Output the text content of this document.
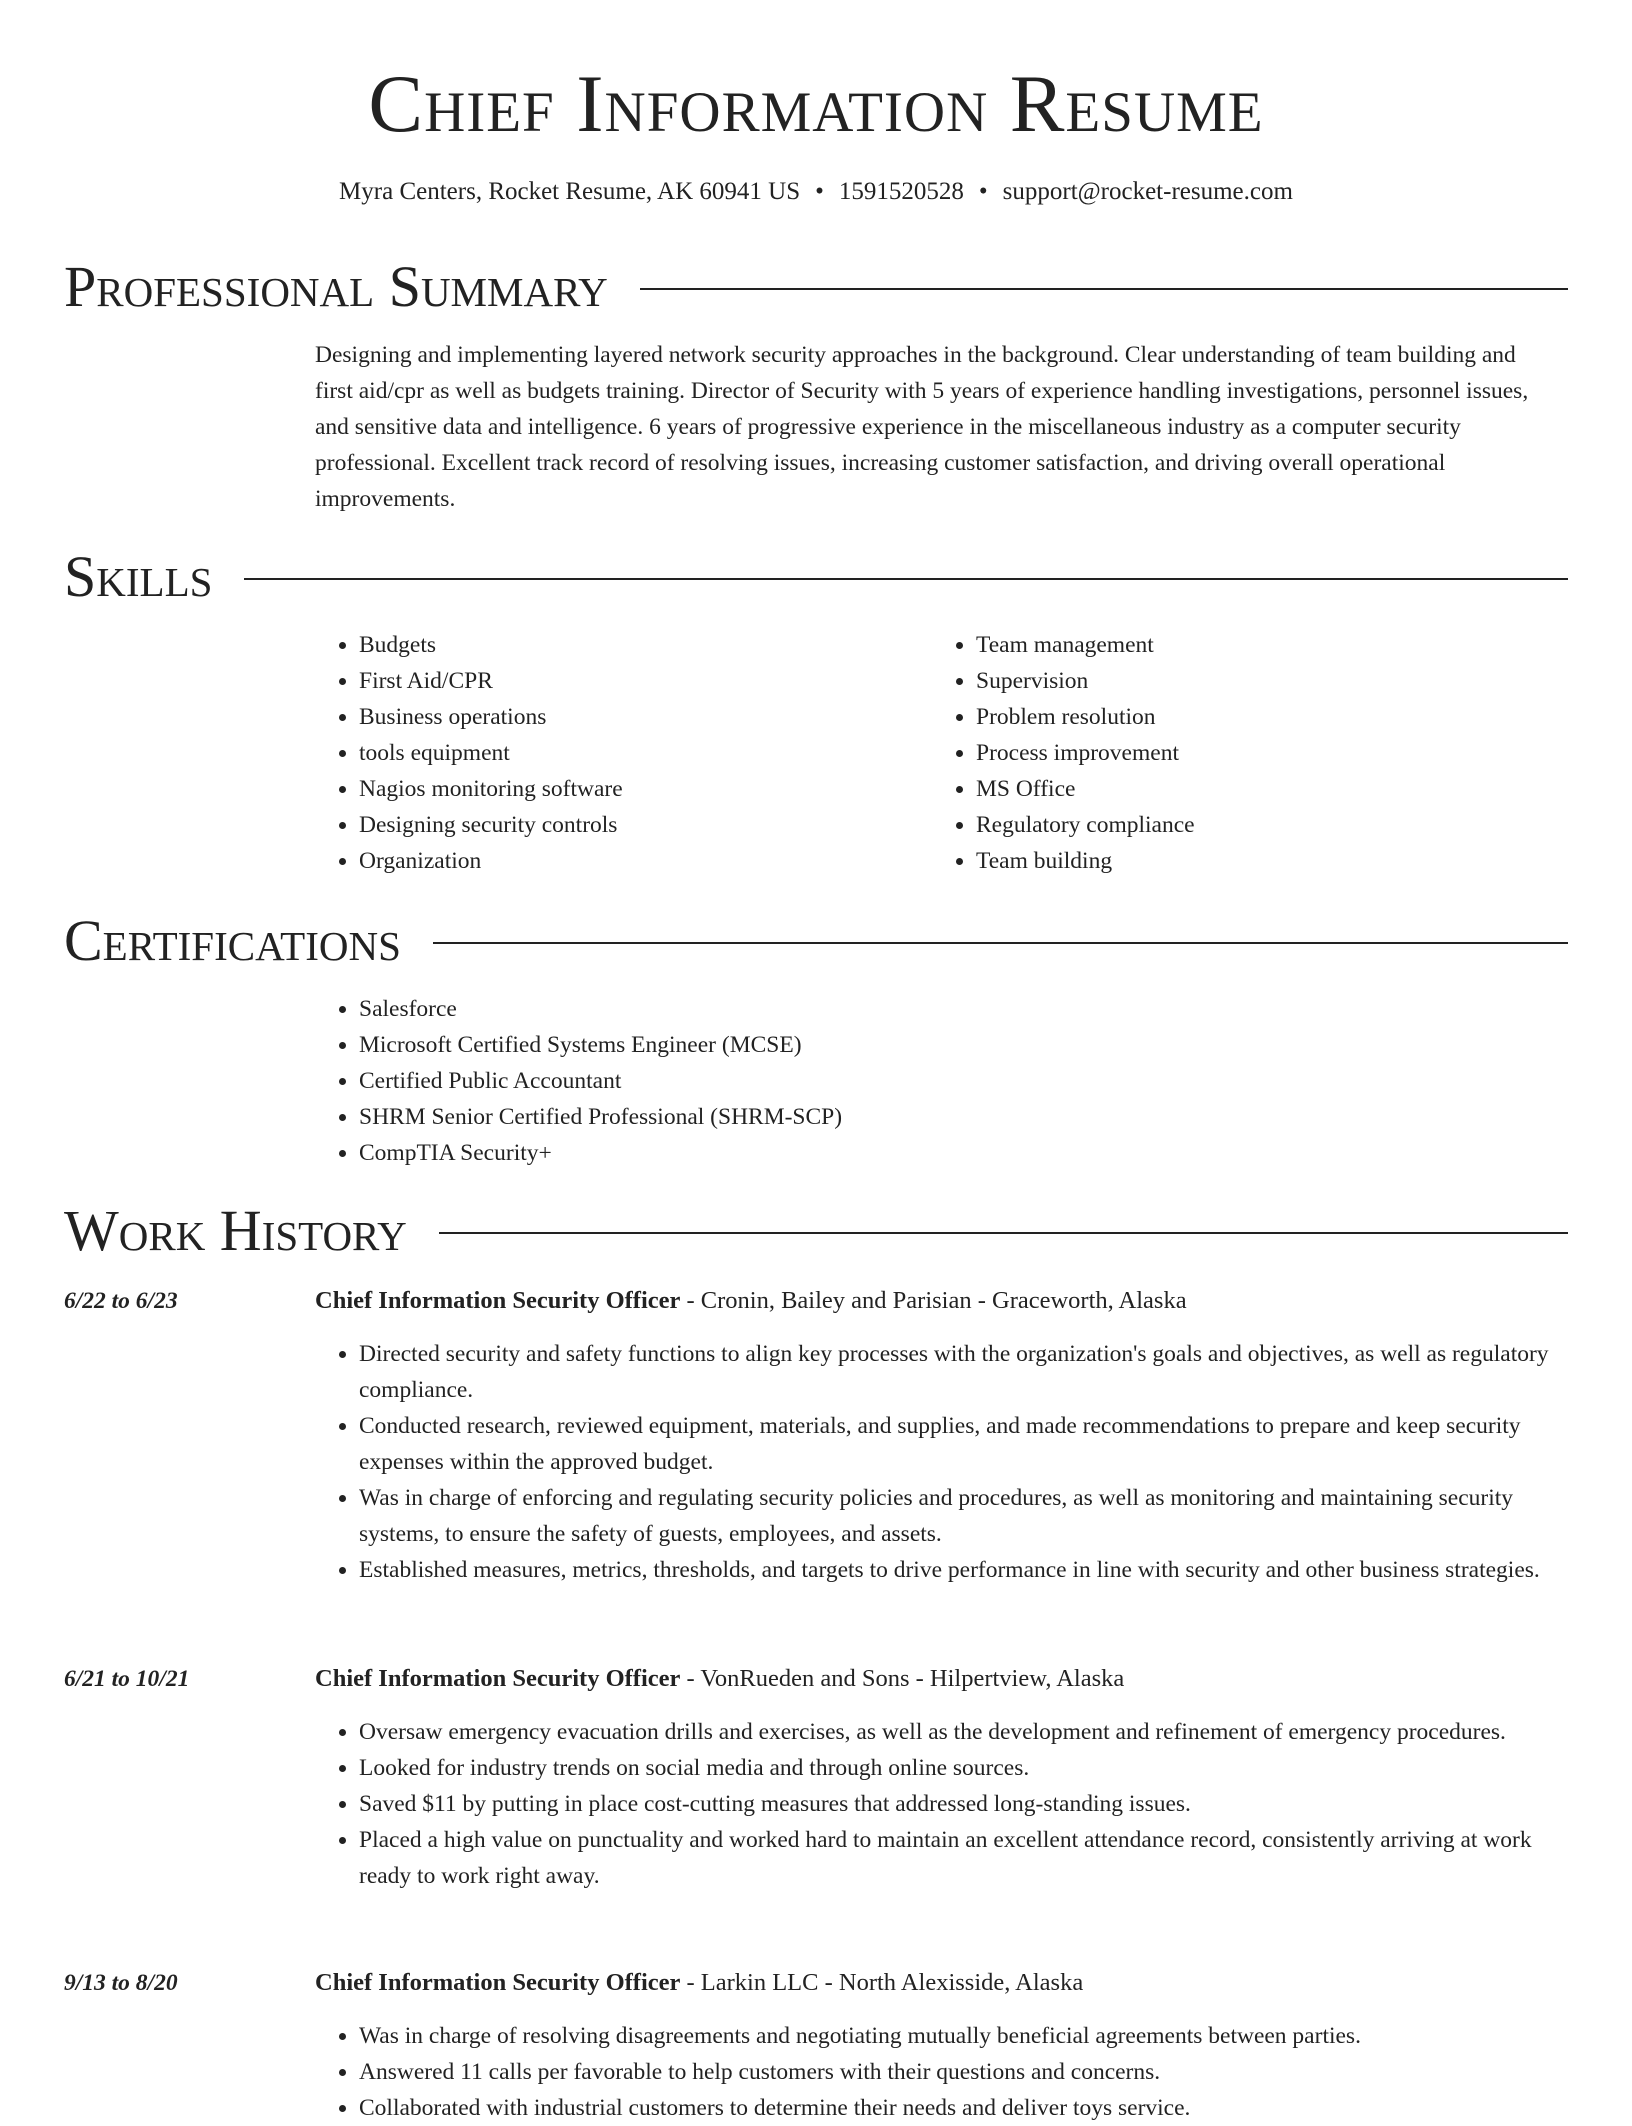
Chief Information Resume
Myra Centers, Rocket Resume, AK 60941 US • 1591520528 • support@rocket-resume.com
Professional Summary

Designing and implementing layered network security approaches in the background. Clear understanding of team building and first aid/cpr as well as budgets training. Director of Security with 5 years of experience handling investigations, personnel issues, and sensitive data and intelligence. 6 years of progressive experience in the miscellaneous industry as a computer security professional. Excellent track record of resolving issues, increasing customer satisfaction, and driving overall operational improvements.

Skills
• Budgets
• First Aid/CPR
• Business operations
• tools equipment
• Nagios monitoring software
• Designing security controls
• Organization
• Team management
• Supervision
• Problem resolution
• Process improvement
• MS Office
• Regulatory compliance
• Team building
Certifications
• Salesforce
• Microsoft Certified Systems Engineer (MCSE)
• Certified Public Accountant
• SHRM Senior Certified Professional (SHRM-SCP)
• CompTIA Security+
Work History
6/22 to 6/23	Chief Information Security Officer - Cronin, Bailey and Parisian - Graceworth, Alaska
• Directed security and safety functions to align key processes with the organization's goals and objectives, as well as regulatory compliance.
• Conducted research, reviewed equipment, materials, and supplies, and made recommendations to prepare and keep security expenses within the approved budget.
• Was in charge of enforcing and regulating security policies and procedures, as well as monitoring and maintaining security systems, to ensure the safety of guests, employees, and assets.
• Established measures, metrics, thresholds, and targets to drive performance in line with security and other business strategies.
6/21 to 10/21	Chief Information Security Officer - VonRueden and Sons - Hilpertview, Alaska
• Oversaw emergency evacuation drills and exercises, as well as the development and refinement of emergency procedures.
• Looked for industry trends on social media and through online sources.
• Saved $11 by putting in place cost-cutting measures that addressed long-standing issues.
• Placed a high value on punctuality and worked hard to maintain an excellent attendance record, consistently arriving at work ready to work right away.
9/13 to 8/20	Chief Information Security Officer - Larkin LLC - North Alexisside, Alaska
• Was in charge of resolving disagreements and negotiating mutually beneficial agreements between parties.
• Answered 11 calls per favorable to help customers with their questions and concerns.
• Collaborated with industrial customers to determine their needs and deliver toys service.
